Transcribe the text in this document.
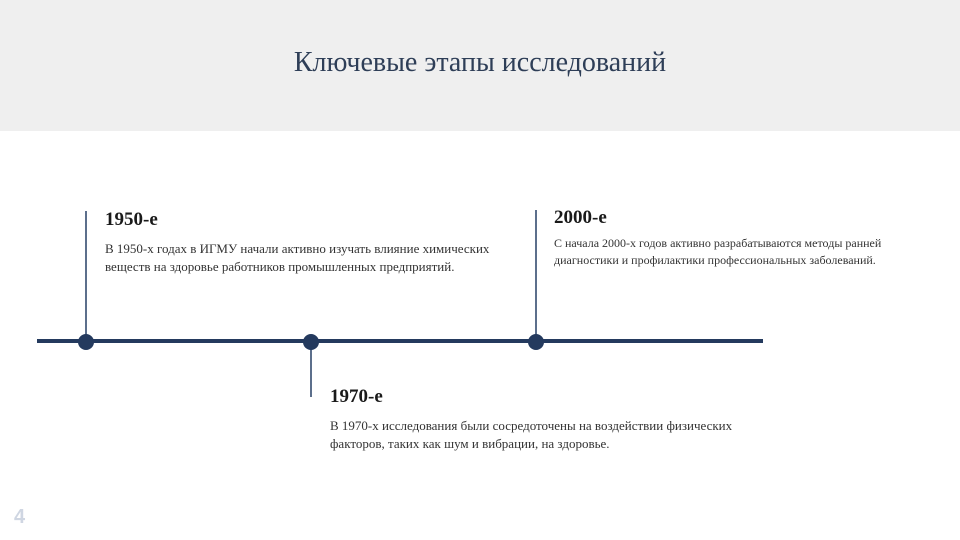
Ключевые этапы исследований
1950-е
В 1950-х годах в ИГМУ начали активно изучать влияние химических веществ на здоровье работников промышленных предприятий.
1970-е
В 1970-х исследования были сосредоточены на воздействии физических факторов, таких как шум и вибрации, на здоровье.
2000-е
С начала 2000-х годов активно разрабатываются методы ранней диагностики и профилактики профессиональных заболеваний.
4
